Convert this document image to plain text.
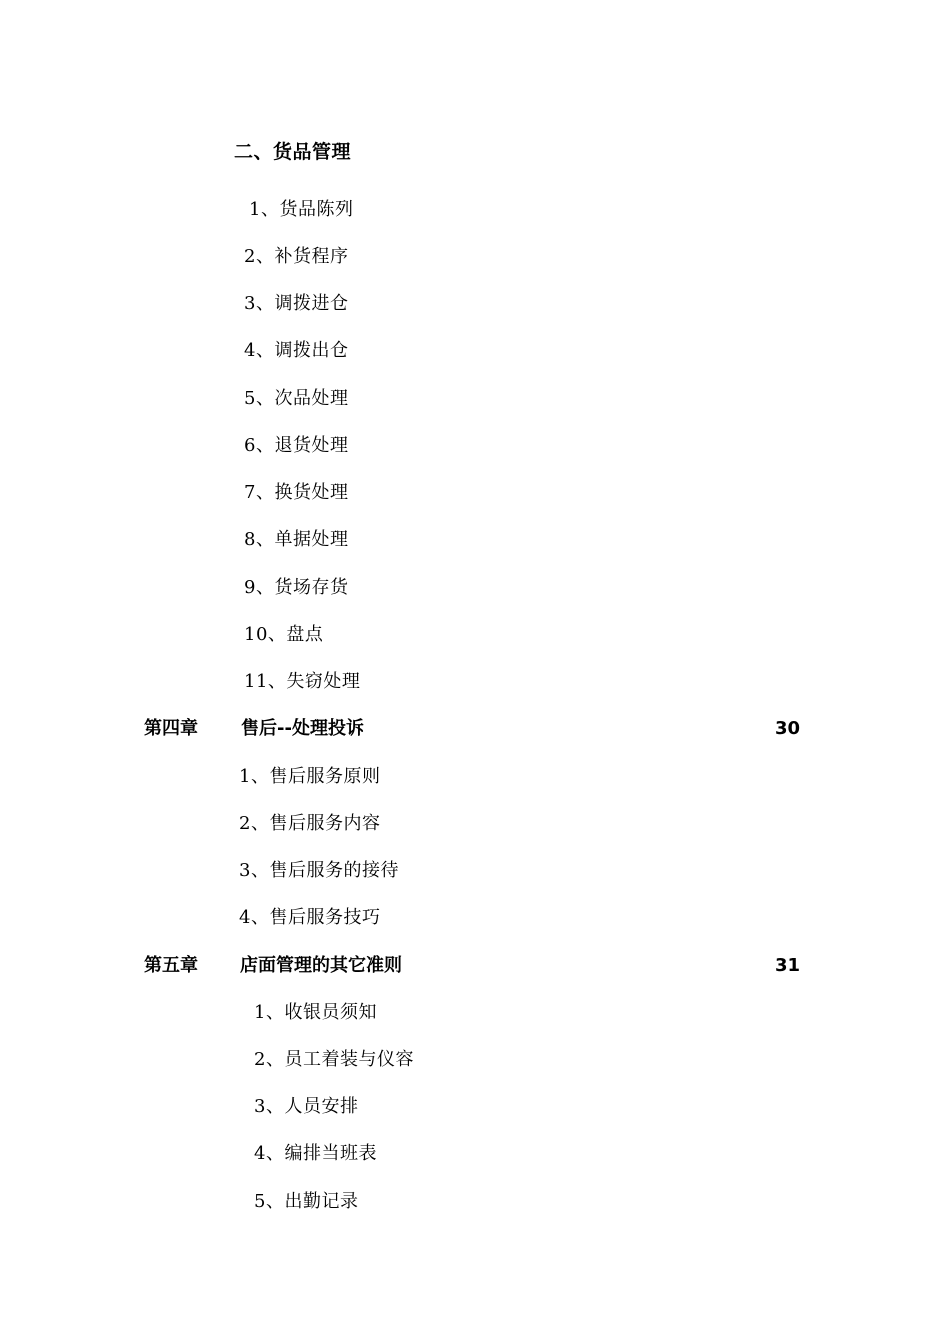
二、货品管理
1、货品陈列
2、补货程序
3、调拨进仓
4、调拨出仓
5、次品处理
6、退货处理
7、换货处理
8、单据处理
9、货场存货
10、盘点
11、失窃处理
第四章 售后--处理投诉	30
1、售后服务原则
2、售后服务内容
3、售后服务的接待
4、售后服务技巧
第五章 店面管理的其它准则	31
1、收银员须知
2、员工着装与仪容
3、人员安排
4、编排当班表
5、出勤记录
